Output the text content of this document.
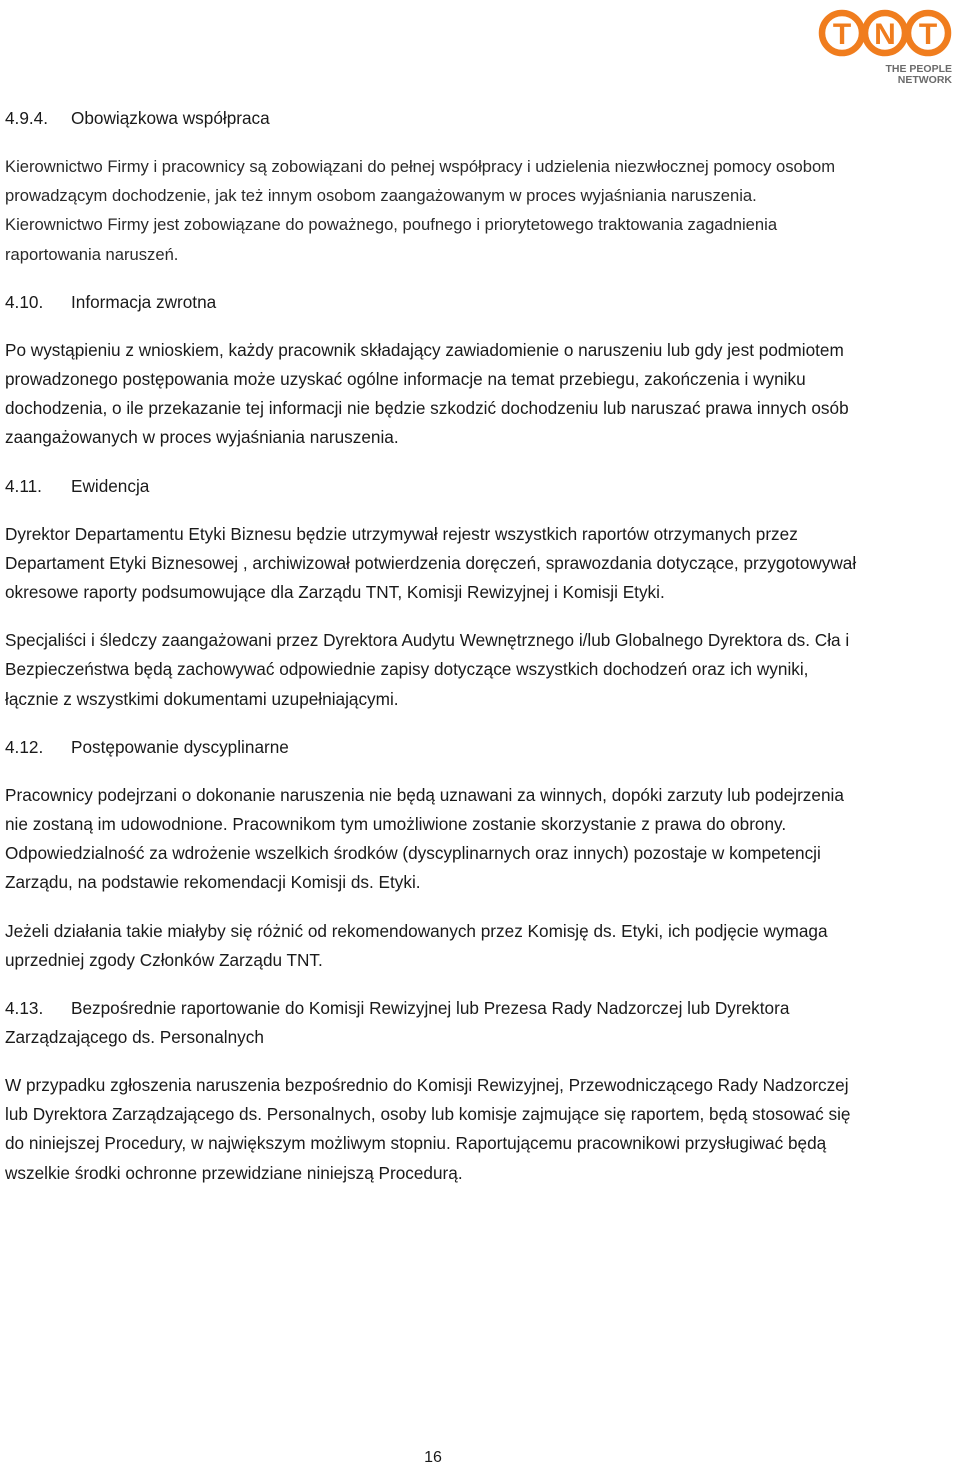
T N T
THE PEOPLE
NETWORK
4.9.4.	Obowiązkowa współpraca

Kierownictwo Firmy i pracownicy są zobowiązani do pełnej współpracy i udzielenia niezwłocznej pomocy osobom prowadzącym dochodzenie, jak też innym osobom zaangażowanym w proces wyjaśniania naruszenia. Kierownictwo Firmy jest zobowiązane do poważnego, poufnego i priorytetowego traktowania zagadnienia raportowania naruszeń.

4.10.	Informacja zwrotna

Po wystąpieniu z wnioskiem, każdy pracownik składający zawiadomienie o naruszeniu lub gdy jest podmiotem prowadzonego postępowania może uzyskać ogólne informacje na temat przebiegu, zakończenia i wyniku dochodzenia, o ile przekazanie tej informacji nie będzie szkodzić dochodzeniu lub naruszać prawa innych osób zaangażowanych w proces wyjaśniania naruszenia.

4.11.	Ewidencja

Dyrektor Departamentu Etyki Biznesu będzie utrzymywał rejestr wszystkich raportów otrzymanych przez Departament Etyki Biznesowej , archiwizował potwierdzenia doręczeń, sprawozdania dotyczące, przygotowywał okresowe raporty podsumowujące dla Zarządu TNT, Komisji Rewizyjnej i Komisji Etyki.

Specjaliści i śledczy zaangażowani przez Dyrektora Audytu Wewnętrznego i/lub Globalnego Dyrektora ds. Cła i Bezpieczeństwa będą zachowywać odpowiednie zapisy dotyczące wszystkich dochodzeń oraz ich wyniki, łącznie z wszystkimi dokumentami uzupełniającymi.

4.12.	Postępowanie dyscyplinarne

Pracownicy podejrzani o dokonanie naruszenia nie będą uznawani za winnych, dopóki zarzuty lub podejrzenia nie zostaną im udowodnione. Pracownikom tym umożliwione zostanie skorzystanie z prawa do obrony. Odpowiedzialność za wdrożenie wszelkich środków (dyscyplinarnych oraz innych) pozostaje w kompetencji Zarządu, na podstawie rekomendacji Komisji ds. Etyki.

Jeżeli działania takie miałyby się różnić od rekomendowanych przez Komisję ds. Etyki, ich podjęcie wymaga uprzedniej zgody Członków Zarządu TNT.

4.13. Bezpośrednie raportowanie do Komisji Rewizyjnej lub Prezesa Rady Nadzorczej lub Dyrektora Zarządzającego ds. Personalnych

W przypadku zgłoszenia naruszenia bezpośrednio do Komisji Rewizyjnej, Przewodniczącego Rady Nadzorczej lub Dyrektora Zarządzającego ds. Personalnych, osoby lub komisje zajmujące się raportem, będą stosować się do niniejszej Procedury, w największym możliwym stopniu. Raportującemu pracownikowi przysługiwać będą wszelkie środki ochronne przewidziane niniejszą Procedurą.

16
